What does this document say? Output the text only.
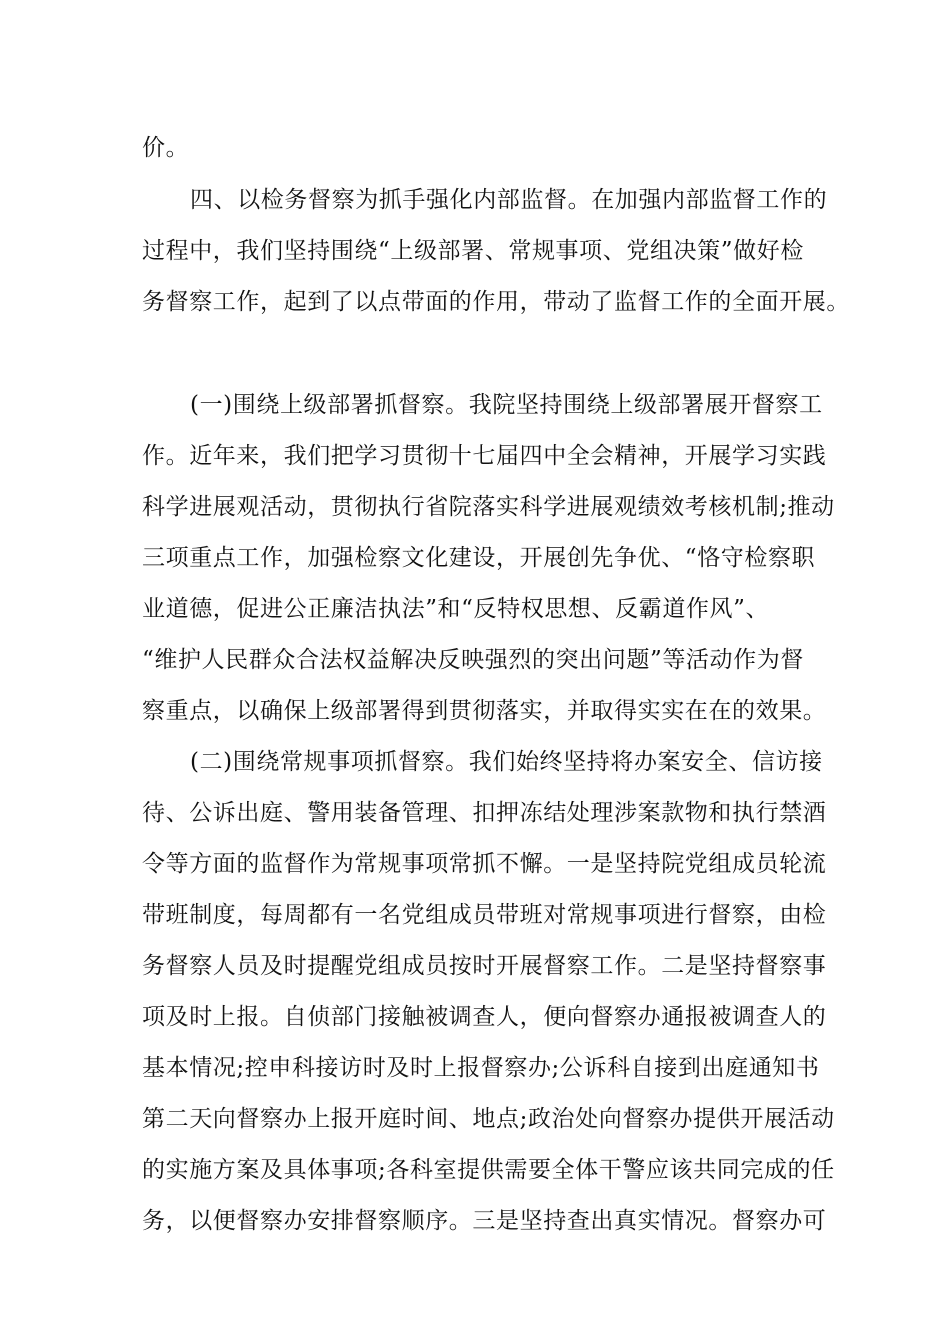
价。
四、以检务督察为抓手强化内部监督。在加强内部监督工作的
过程中，我们坚持围绕“上级部署、常规事项、党组决策”做好检
务督察工作，起到了以点带面的作用，带动了监督工作的全面开展。
(一)围绕上级部署抓督察。我院坚持围绕上级部署展开督察工
作。近年来，我们把学习贯彻十七届四中全会精神，开展学习实践
科学进展观活动，贯彻执行省院落实科学进展观绩效考核机制;推动
三项重点工作，加强检察文化建设，开展创先争优、“恪守检察职
业道德，促进公正廉洁执法”和“反特权思想、反霸道作风”、
“维护人民群众合法权益解决反映强烈的突出问题”等活动作为督
察重点，以确保上级部署得到贯彻落实，并取得实实在在的效果。
(二)围绕常规事项抓督察。我们始终坚持将办案安全、信访接
待、公诉出庭、警用装备管理、扣押冻结处理涉案款物和执行禁酒
令等方面的监督作为常规事项常抓不懈。一是坚持院党组成员轮流
带班制度，每周都有一名党组成员带班对常规事项进行督察，由检
务督察人员及时提醒党组成员按时开展督察工作。二是坚持督察事
项及时上报。自侦部门接触被调查人，便向督察办通报被调查人的
基本情况;控申科接访时及时上报督察办;公诉科自接到出庭通知书
第二天向督察办上报开庭时间、地点;政治处向督察办提供开展活动
的实施方案及具体事项;各科室提供需要全体干警应该共同完成的任
务，以便督察办安排督察顺序。三是坚持查出真实情况。督察办可
